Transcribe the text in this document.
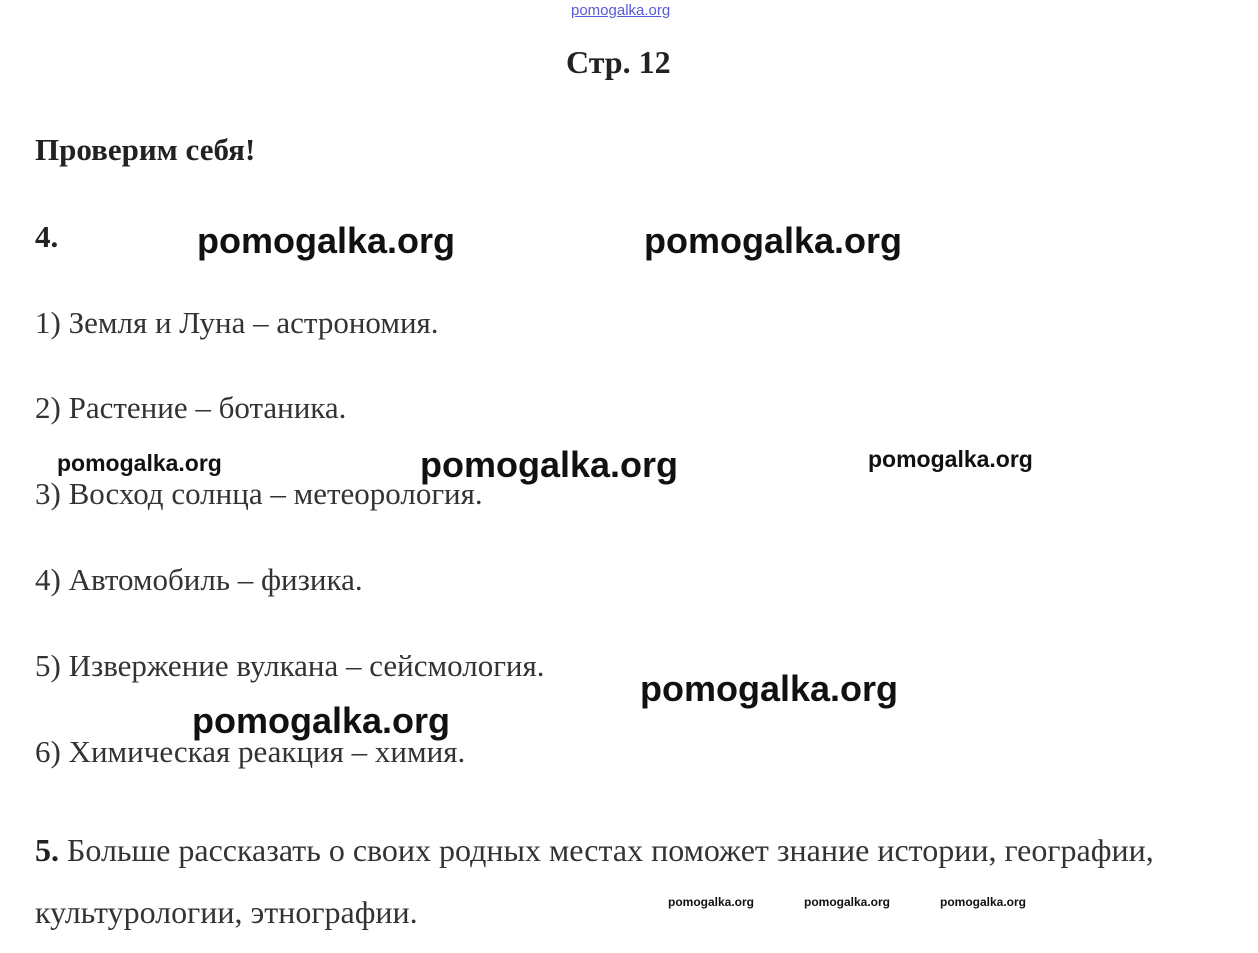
pomogalka.org
Стр. 12
Проверим себя!
4.
1) Земля и Луна – астрономия.
2) Растение – ботаника.
3) Восход солнца – метеорология.
4) Автомобиль – физика.
5) Извержение вулкана – сейсмология.
6) Химическая реакция – химия.
5. Больше рассказать о своих родных местах поможет знание истории, географии, культурологии, этнографии.
pomogalka.org	pomogalka.org
pomogalka.org	pomogalka.org	pomogalka.org
pomogalka.org
pomogalka.org
pomogalka.org	pomogalka.org	pomogalka.org
